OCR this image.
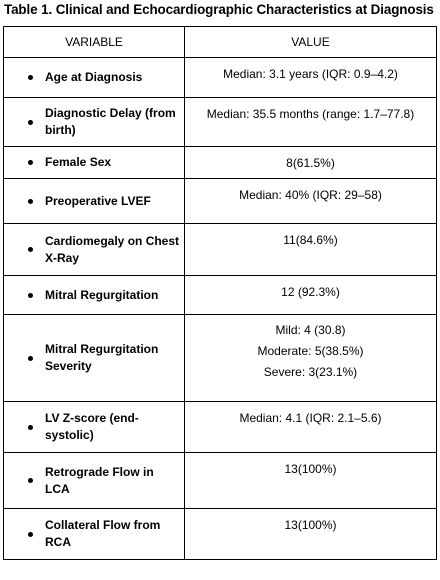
Table 1. Clinical and Echocardiographic Characteristics at Diagnosis
VARIABLE	VALUE

Age at Diagnosis	Median: 3.1 years (IQR: 0.9–4.2)

Diagnostic Delay (from birth)	Median: 35.5 months (range: 1.7–77.8)

Female Sex	8(61.5%)

Preoperative LVEF	Median: 40% (IQR: 29–58)

Cardiomegaly on Chest X-Ray	11(84.6%)

Mitral Regurgitation	12 (92.3%)

Mitral Regurgitation Severity	Mild: 4 (30.8)
Moderate: 5(38.5%)
Severe: 3(23.1%)

LV Z-score (end-systolic)	Median: 4.1 (IQR: 2.1–5.6)

Retrograde Flow in LCA	13(100%)

Collateral Flow from RCA	13(100%)
